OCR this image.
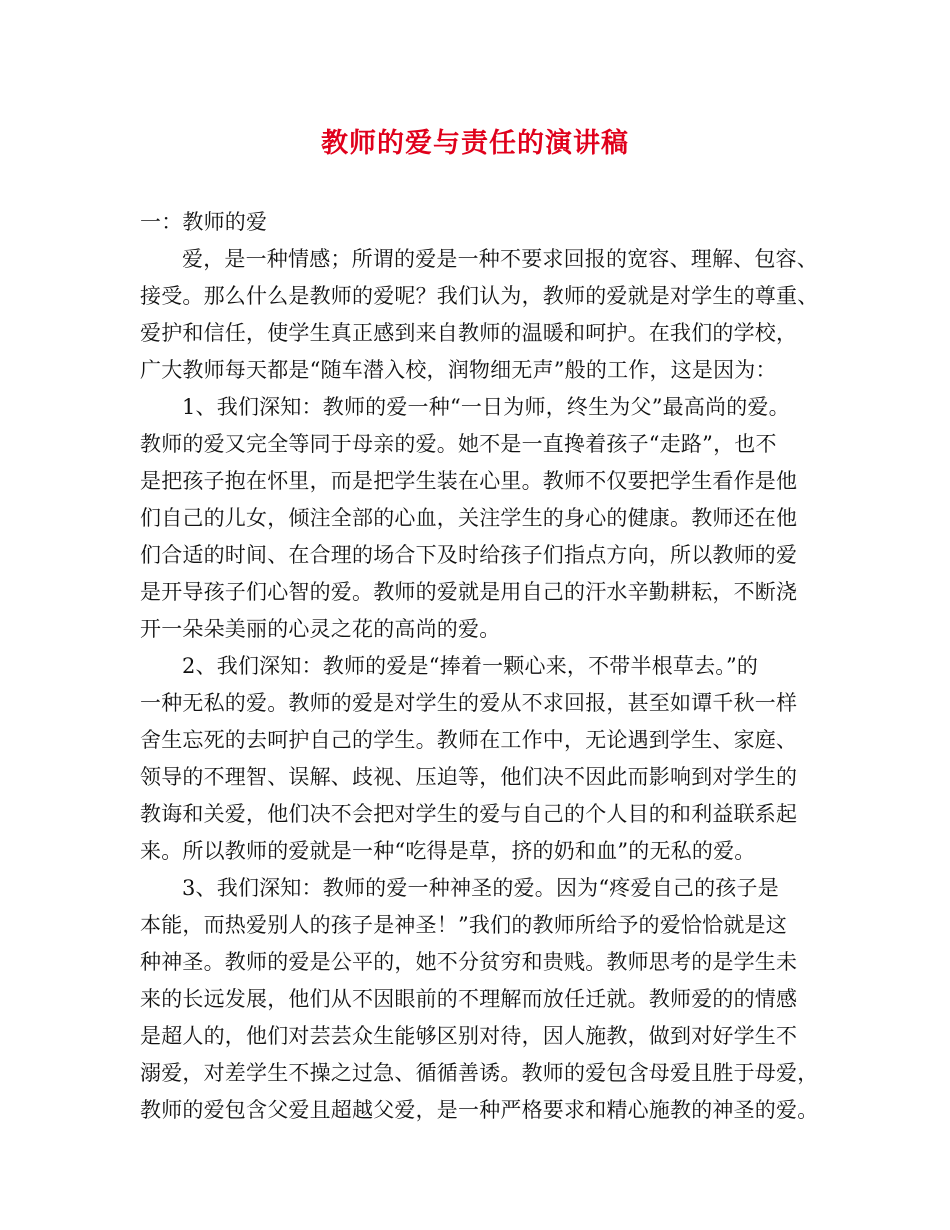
教师的爱与责任的演讲稿
一：教师的爱
爱，是一种情感；所谓的爱是一种不要求回报的宽容、理解、包容、
接受。那么什么是教师的爱呢？我们认为，教师的爱就是对学生的尊重、
爱护和信任，使学生真正感到来自教师的温暖和呵护。在我们的学校，
广大教师每天都是“随车潜入校，润物细无声”般的工作，这是因为：
1、我们深知：教师的爱一种“一日为师，终生为父”最高尚的爱。
教师的爱又完全等同于母亲的爱。她不是一直搀着孩子“走路”，也不
是把孩子抱在怀里，而是把学生装在心里。教师不仅要把学生看作是他
们自己的儿女，倾注全部的心血，关注学生的身心的健康。教师还在他
们合适的时间、在合理的场合下及时给孩子们指点方向，所以教师的爱
是开导孩子们心智的爱。教师的爱就是用自己的汗水辛勤耕耘，不断浇
开一朵朵美丽的心灵之花的高尚的爱。
2、我们深知：教师的爱是“捧着一颗心来，不带半根草去。”的
一种无私的爱。教师的爱是对学生的爱从不求回报，甚至如谭千秋一样
舍生忘死的去呵护自己的学生。教师在工作中，无论遇到学生、家庭、
领导的不理智、误解、歧视、压迫等，他们决不因此而影响到对学生的
教诲和关爱，他们决不会把对学生的爱与自己的个人目的和利益联系起
来。所以教师的爱就是一种“吃得是草，挤的奶和血”的无私的爱。
3、我们深知：教师的爱一种神圣的爱。因为“疼爱自己的孩子是
本能，而热爱别人的孩子是神圣！”我们的教师所给予的爱恰恰就是这
种神圣。教师的爱是公平的，她不分贫穷和贵贱。教师思考的是学生未
来的长远发展，他们从不因眼前的不理解而放任迁就。教师爱的的情感
是超人的，他们对芸芸众生能够区别对待，因人施教，做到对好学生不
溺爱，对差学生不操之过急、循循善诱。教师的爱包含母爱且胜于母爱，
教师的爱包含父爱且超越父爱，是一种严格要求和精心施教的神圣的爱。
